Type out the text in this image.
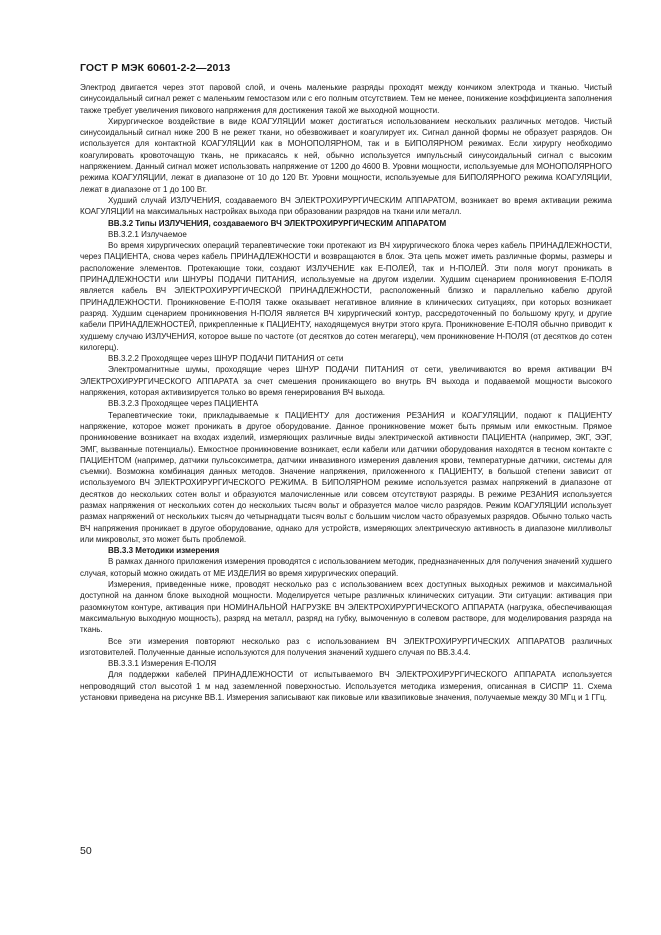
ГОСТ Р МЭК 60601-2-2—2013

Электрод двигается через этот паровой слой, и очень маленькие разряды проходят между кончиком электрода и тканью. Чистый синусоидальный сигнал режет с маленьким гемостазом или с его полным отсутствием. Тем не менее, понижение коэффициента заполнения также требует увеличения пикового напряжения для достижения такой же выходной мощности.

Хирургическое воздействие в виде КОАГУЛЯЦИИ может достигаться использованием нескольких различных методов. Чистый синусоидальный сигнал ниже 200 В не режет ткани, но обезвоживает и коагулирует их. Сигнал данной формы не образует разрядов. Он используется для контактной КОАГУЛЯЦИИ как в МОНОПОЛЯРНОМ, так и в БИПОЛЯРНОМ режимах. Если хирургу необходимо коагулировать кровоточащую ткань, не прикасаясь к ней, обычно используется импульсный синусоидальный сигнал с высоким напряжением. Данный сигнал может использовать напряжение от 1200 до 4600 В. Уровни мощности, используемые для МОНОПОЛЯРНОГО режима КОАГУЛЯЦИИ, лежат в диапазоне от 10 до 120 Вт. Уровни мощности, используемые для БИПОЛЯРНОГО режима КОАГУЛЯЦИИ, лежат в диапазоне от 1 до 100 Вт.

Худший случай ИЗЛУЧЕНИЯ, создаваемого ВЧ ЭЛЕКТРОХИРУРГИЧЕСКИМ АППАРАТОМ, возникает во время активации режима КОАГУЛЯЦИИ на максимальных настройках выхода при образовании разрядов на ткани или металл.

ВВ.3.2 Типы ИЗЛУЧЕНИЯ, создаваемого ВЧ ЭЛЕКТРОХИРУРГИЧЕСКИМ АППАРАТОМ

ВВ.3.2.1 Излучаемое

Во время хирургических операций терапевтические токи протекают из ВЧ хирургического блока через кабель ПРИНАДЛЕЖНОСТИ, через ПАЦИЕНТА, снова через кабель ПРИНАДЛЕЖНОСТИ и возвращаются в блок. Эта цепь может иметь различные формы, размеры и расположение элементов. Протекающие токи, создают ИЗЛУЧЕНИЕ как E-ПОЛЕЙ, так и H-ПОЛЕЙ. Эти поля могут проникать в ПРИНАДЛЕЖНОСТИ или ШНУРЫ ПОДАЧИ ПИТАНИЯ, используемые на другом изделии. Худшим сценарием проникновения E-ПОЛЯ является кабель ВЧ ЭЛЕКТРОХИРУРГИЧЕСКОЙ ПРИНАДЛЕЖНОСТИ, расположенный близко и параллельно кабелю другой ПРИНАДЛЕЖНОСТИ. Проникновение E-ПОЛЯ также оказывает негативное влияние в клинических ситуациях, при которых возникает разряд. Худшим сценарием проникновения H-ПОЛЯ является ВЧ хирургический контур, рассредоточенный по большому кругу, и другие кабели ПРИНАДЛЕЖНОСТЕЙ, прикрепленные к ПАЦИЕНТУ, находящемуся внутри этого круга. Проникновение E-ПОЛЯ обычно приводит к худшему случаю ИЗЛУЧЕНИЯ, которое выше по частоте (от десятков до сотен мегагерц), чем проникновение H-ПОЛЯ (от десятков до сотен килогерц).

ВВ.3.2.2 Проходящее через ШНУР ПОДАЧИ ПИТАНИЯ от сети

Электромагнитные шумы, проходящие через ШНУР ПОДАЧИ ПИТАНИЯ от сети, увеличиваются во время активации ВЧ ЭЛЕКТРОХИРУРГИЧЕСКОГО АППАРАТА за счет смешения проникающего во внутрь ВЧ выхода и подаваемой мощности высокого напряжения, которая активизируется только во время генерирования ВЧ выхода.

ВВ.3.2.3 Проходящее через ПАЦИЕНТА

Терапевтические токи, прикладываемые к ПАЦИЕНТУ для достижения РЕЗАНИЯ и КОАГУЛЯЦИИ, подают к ПАЦИЕНТУ напряжение, которое может проникать в другое оборудование. Данное проникновение может быть прямым или емкостным. Прямое проникновение возникает на входах изделий, измеряющих различные виды электрической активности ПАЦИЕНТА (например, ЭКГ, ЭЭГ, ЭМГ, вызванные потенциалы). Емкостное проникновение возникает, если кабели или датчики оборудования находятся в тесном контакте с ПАЦИЕНТОМ (например, датчики пульсоксиметра, датчики инвазивного измерения давления крови, температурные датчики, системы для съемки). Возможна комбинация данных методов. Значение напряжения, приложенного к ПАЦИЕНТУ, в большой степени зависит от используемого ВЧ ЭЛЕКТРОХИРУРГИЧЕСКОГО РЕЖИМА. В БИПОЛЯРНОМ режиме используется размах напряжений в диапазоне от десятков до нескольких сотен вольт и образуются малочисленные или совсем отсутствуют разряды. В режиме РЕЗАНИЯ используется размах напряжения от нескольких сотен до нескольких тысяч вольт и образуется малое число разрядов. Режим КОАГУЛЯЦИИ использует размах напряжений от нескольких тысяч до четырнадцати тысяч вольт с большим числом часто образуемых разрядов. Обычно только часть ВЧ напряжения проникает в другое оборудование, однако для устройств, измеряющих электрическую активность в диапазоне милливольт или микровольт, это может быть проблемой.

ВВ.3.3 Методики измерения

В рамках данного приложения измерения проводятся с использованием методик, предназначенных для получения значений худшего случая, который можно ожидать от МЕ ИЗДЕЛИЯ во время хирургических операций.

Измерения, приведенные ниже, проводят несколько раз с использованием всех доступных выходных режимов и максимальной доступной на данном блоке выходной мощности. Моделируется четыре различных клинических ситуации. Эти ситуации: активация при разомкнутом контуре, активация при НОМИНАЛЬНОЙ НАГРУЗКЕ ВЧ ЭЛЕКТРОХИРУРГИЧЕСКОГО АППАРАТА (нагрузка, обеспечивающая максимальную выходную мощность), разряд на металл, разряд на губку, вымоченную в солевом растворе, для моделирования разряда на ткань.

Все эти измерения повторяют несколько раз с использованием ВЧ ЭЛЕКТРОХИРУРГИЧЕСКИХ АППАРАТОВ различных изготовителей. Полученные данные используются для получения значений худшего случая по ВВ.3.4.4.

ВВ.3.3.1 Измерения E-ПОЛЯ

Для поддержки кабелей ПРИНАДЛЕЖНОСТИ от испытываемого ВЧ ЭЛЕКТРОХИРУРГИЧЕСКОГО АППАРАТА используется непроводящий стол высотой 1 м над заземленной поверхностью. Используется методика измерения, описанная в СИСПР 11. Схема установки приведена на рисунке ВВ.1. Измерения записывают как пиковые или квазипиковые значения, получаемые между 30 МГц и 1 ГГц.

50
